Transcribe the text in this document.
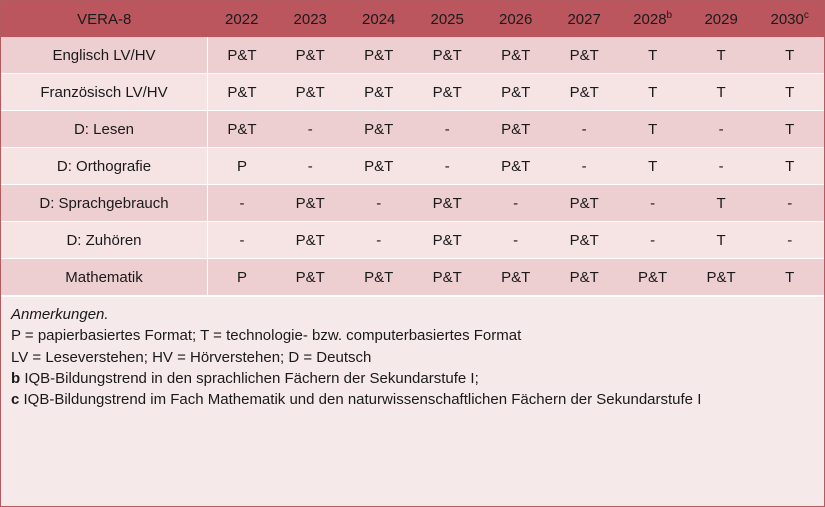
VERA-8	2022	2023	2024	2025	2026	2027	2028$^b$	2029	2030$^c$
Englisch LV/HV	P&T	P&T	P&T	P&T	P&T	P&T	T	T	T
Französisch LV/HV	P&T	P&T	P&T	P&T	P&T	P&T	T	T	T
D: Lesen	P&T	-	P&T	-	P&T	-	T	-	T
D: Orthografie	P	-	P&T	-	P&T	-	T	-	T
D: Sprachgebrauch	-	P&T	-	P&T	-	P&T	-	T	-
D: Zuhören	-	P&T	-	P&T	-	P&T	-	T	-
Mathematik	P	P&T	P&T	P&T	P&T	P&T	P&T	P&T	T
Anmerkungen.
P = papierbasiertes Format; T = technologie- bzw. computerbasiertes Format
LV = Leseverstehen; HV = Hörverstehen; D = Deutsch
b IQB-Bildungstrend in den sprachlichen Fächern der Sekundarstufe I;
c IQB-Bildungstrend im Fach Mathematik und den naturwissenschaftlichen Fächern der Sekundarstufe I
